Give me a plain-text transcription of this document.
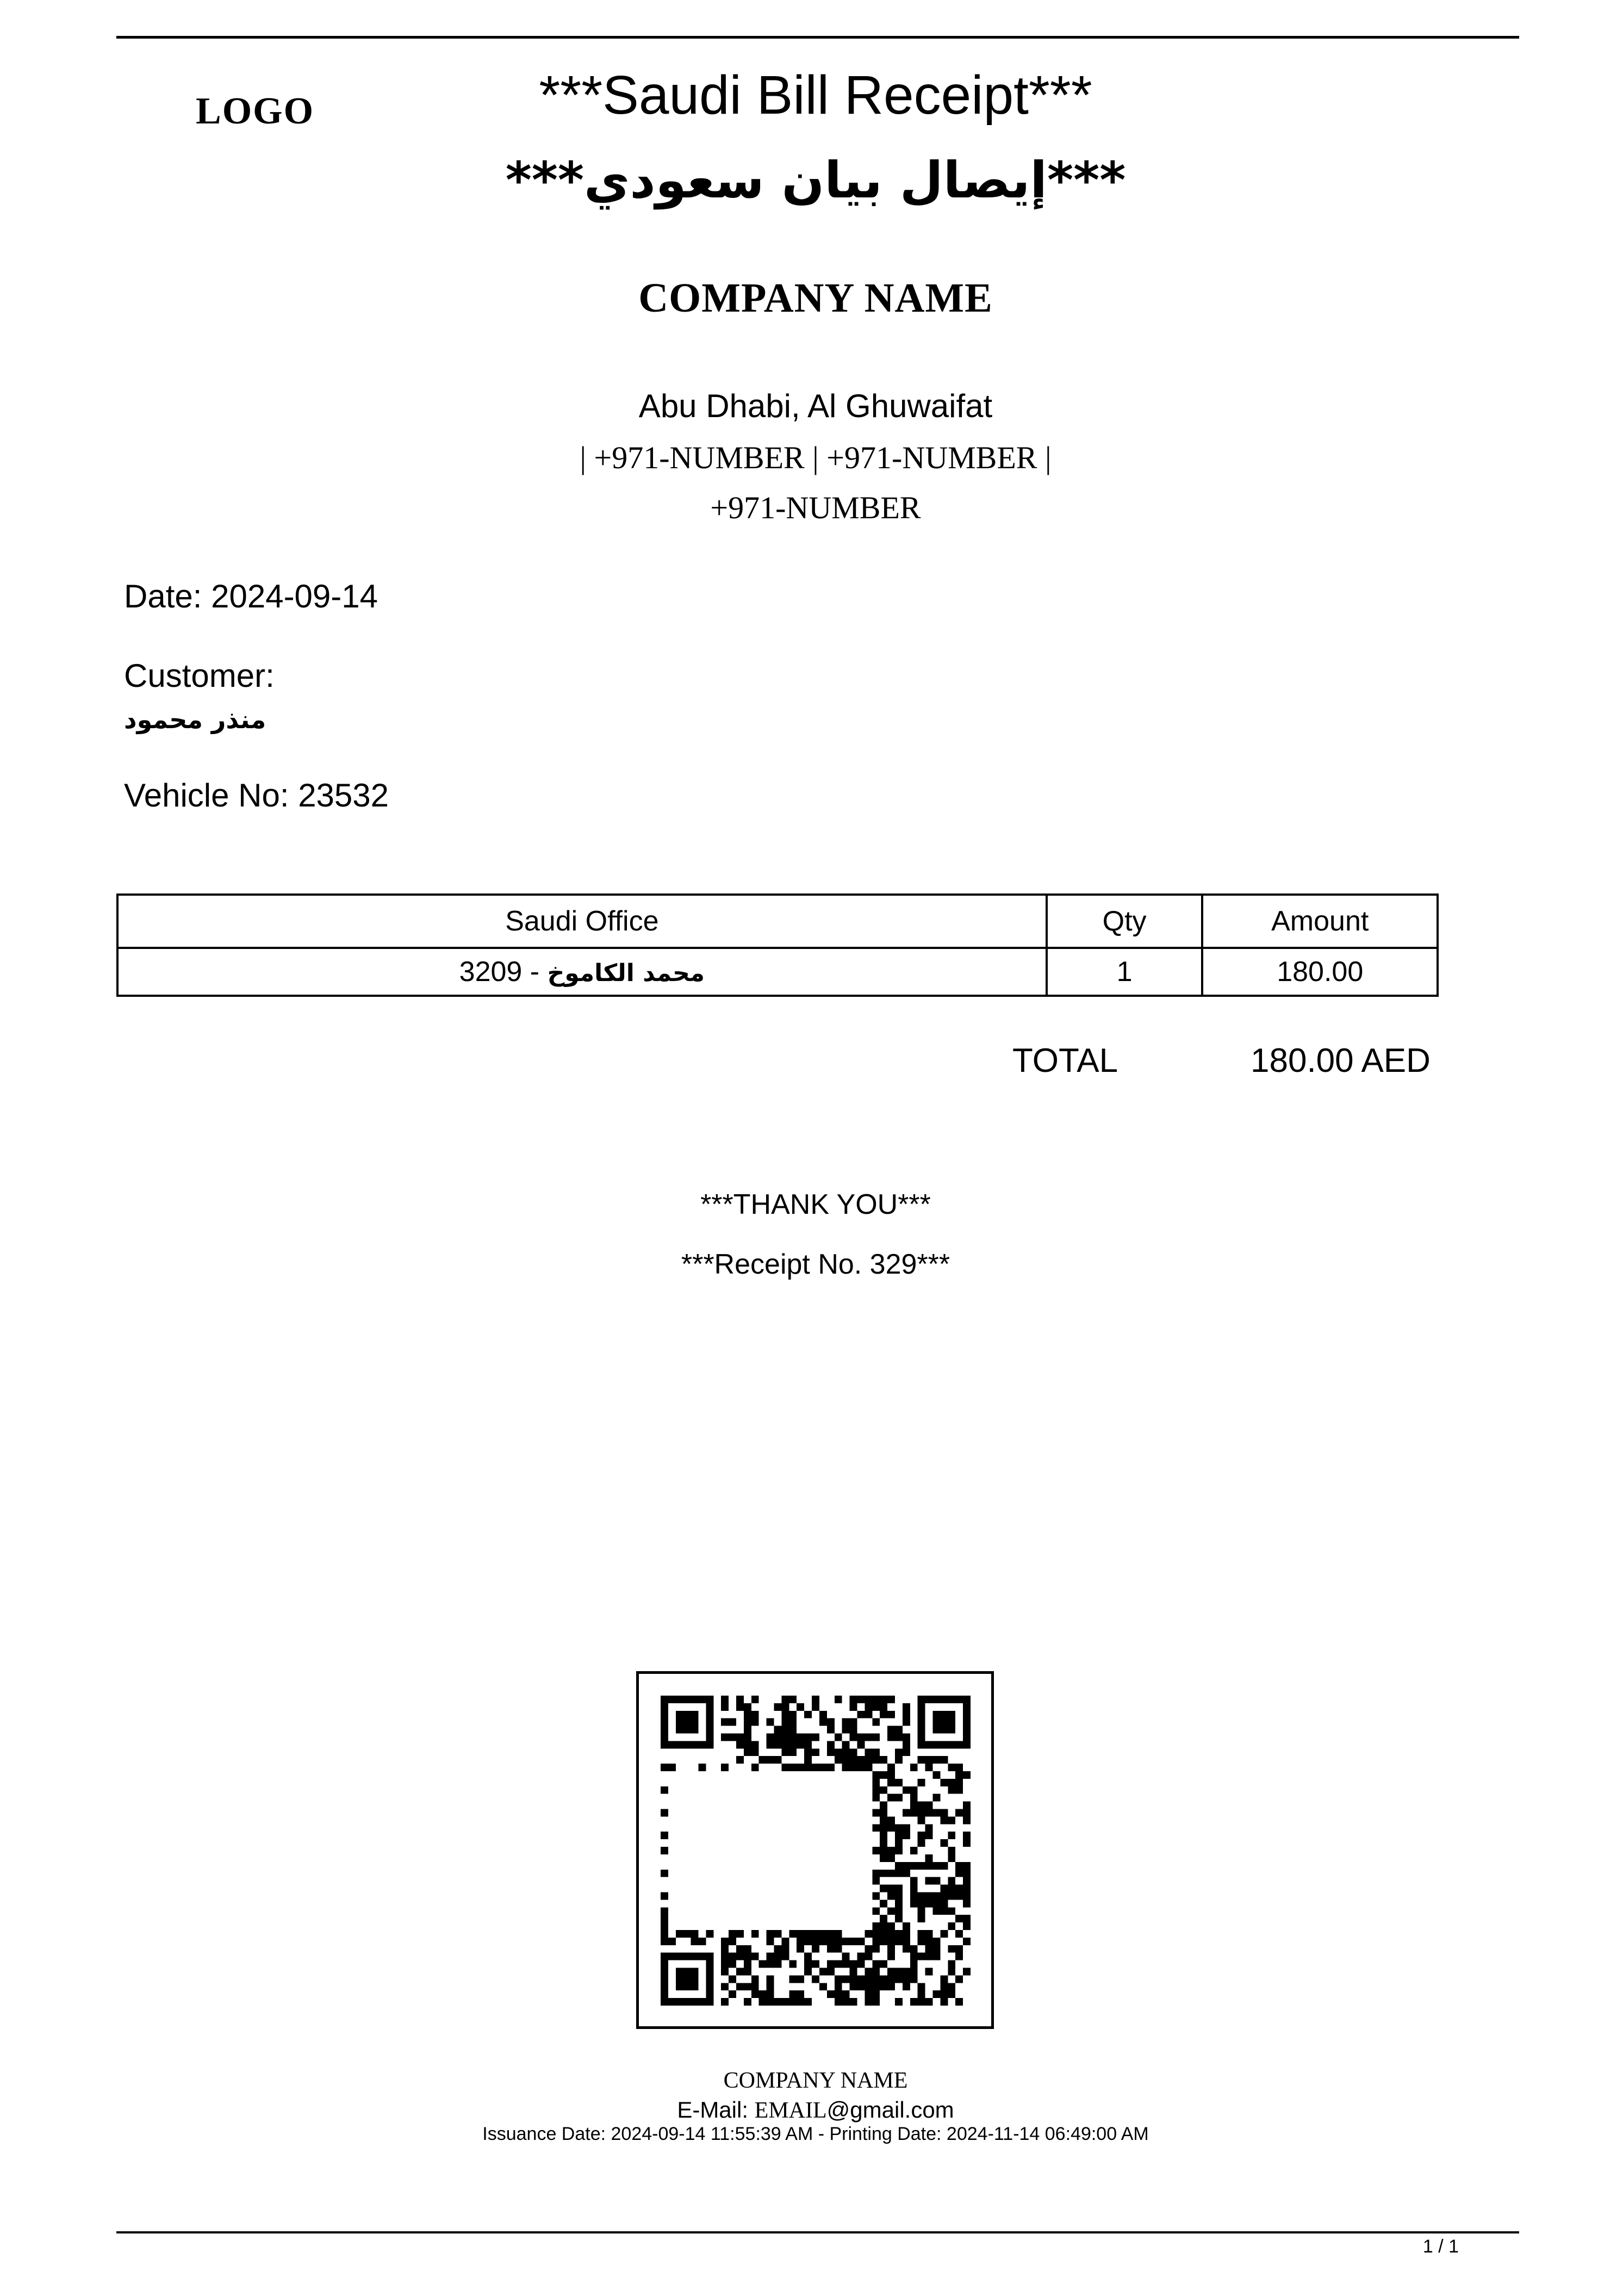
LOGO	***Saudi Bill Receipt***
***إيصال بيان سعودي***
COMPANY NAME
Abu Dhabi, Al Ghuwaifat
| +971-NUMBER | +971-NUMBER |
+971-NUMBER
Date: 2024-09-14
Customer:
منذر محمود
Vehicle No: 23532
Saudi Office	Qty	Amount
3209 - محمد الكاموخ	1	180.00
TOTAL	180.00 AED
***THANK YOU***
***Receipt No. 329***
COMPANY NAME
E-Mail: EMAIL@gmail.com
Issuance Date: 2024-09-14 11:55:39 AM - Printing Date: 2024-11-14 06:49:00 AM
1 / 1
